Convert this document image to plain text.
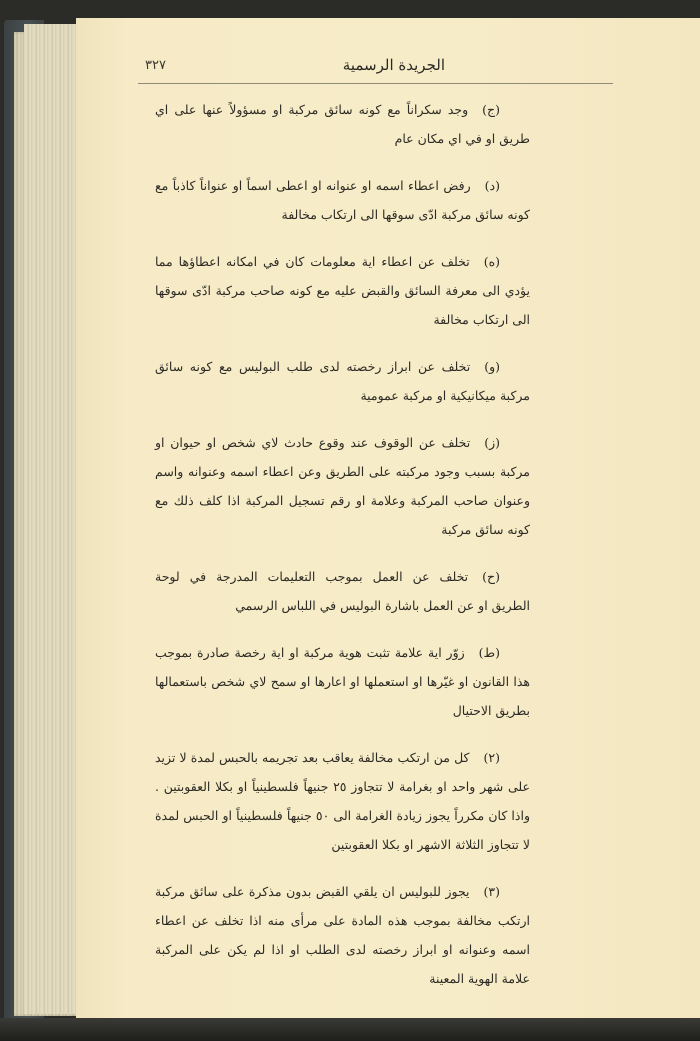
الجريدة الرسمية
٣٢٧

(ج)وجد سكراناً مع كونه سائق مركبة او مسؤولاً عنها على اي طريق او في اي مكان عام

(د)رفض اعطاء اسمه او عنوانه او اعطى اسماً او عنواناً كاذباً مع كونه سائق مركبة ادّى سوقها الى ارتكاب مخالفة

(ه)تخلف عن اعطاء اية معلومات كان في امكانه اعطاؤها مما يؤدي الى معرفة السائق والقبض عليه مع كونه صاحب مركبة ادّى سوقها الى ارتكاب مخالفة

(و)تخلف عن ابراز رخصته لدى طلب البوليس مع كونه سائق مركبة ميكانيكية او مركبة عمومية

(ز)تخلف عن الوقوف عند وقوع حادث لاي شخص او حيوان او مركبة بسبب وجود مركبته على الطريق وعن اعطاء اسمه وعنوانه واسم وعنوان صاحب المركبة وعلامة او رقم تسجيل المركبة اذا كلف ذلك مع كونه سائق مركبة

(ح)تخلف عن العمل بموجب التعليمات المدرجة في لوحة الطريق او عن العمل باشارة البوليس في اللباس الرسمي

(ط)زوّر اية علامة تثبت هوية مركبة او اية رخصة صادرة بموجب هذا القانون او غيّرها او استعملها او اعارها او سمح لاي شخص باستعمالها بطريق الاحتيال

(٢)كل من ارتكب مخالفة يعاقب بعد تجريمه بالحبس لمدة لا تزيد على شهر واحد او بغرامة لا تتجاوز ٢٥ جنيهاً فلسطينياً او بكلا العقوبتين . واذا كان مكرراً يجوز زيادة الغرامة الى ٥٠ جنيهاً فلسطينياً او الحبس لمدة لا تتجاوز الثلاثة الاشهر او بكلا العقوبتين

(٣)يجوز للبوليس ان يلقي القبض بدون مذكرة على سائق مركبة ارتكب مخالفة بموجب هذه المادة على مرأى منه اذا تخلف عن اعطاء اسمه وعنوانه او ابراز رخصته لدى الطلب او اذا لم يكن على المركبة علامة الهوية المعينة
